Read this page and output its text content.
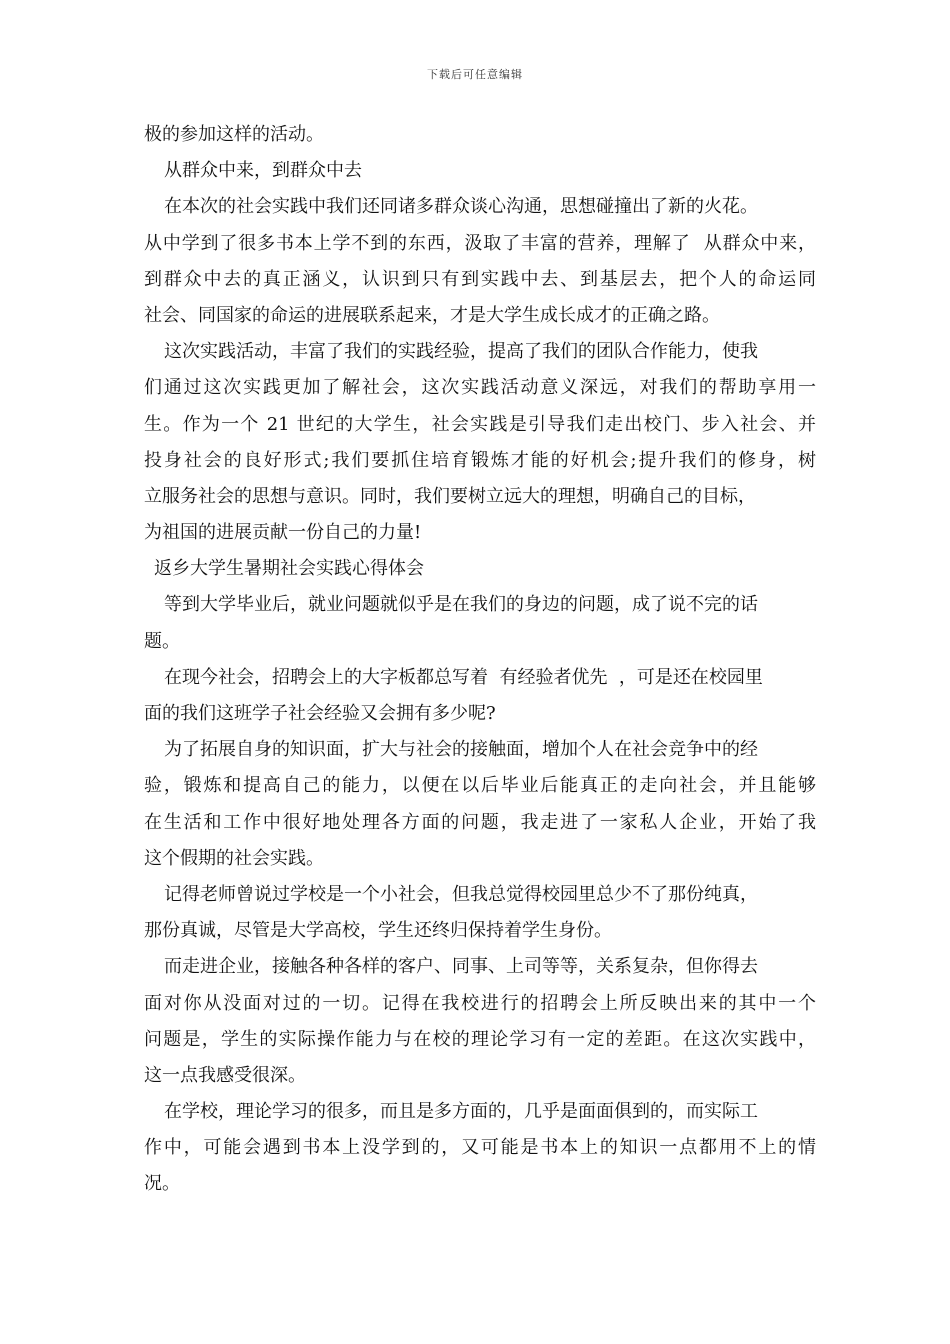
下载后可任意编辑
极的参加这样的活动。
从群众中来，到群众中去
在本次的社会实践中我们还同诸多群众谈心沟通，思想碰撞出了新的火花。
从中学到了很多书本上学不到的东西，汲取了丰富的营养，理解了  从群众中来，
到群众中去的真正涵义，认识到只有到实践中去、到基层去，把个人的命运同
社会、同国家的命运的进展联系起来，才是大学生成长成才的正确之路。
这次实践活动，丰富了我们的实践经验，提高了我们的团队合作能力，使我
们通过这次实践更加了解社会，这次实践活动意义深远，对我们的帮助享用一
生。作为一个 21 世纪的大学生，社会实践是引导我们走出校门、步入社会、并
投身社会的良好形式;我们要抓住培育锻炼才能的好机会;提升我们的修身，树
立服务社会的思想与意识。同时，我们要树立远大的理想，明确自己的目标，
为祖国的进展贡献一份自己的力量!
返乡大学生暑期社会实践心得体会
等到大学毕业后，就业问题就似乎是在我们的身边的问题，成了说不完的话
题。
在现今社会，招聘会上的大字板都总写着  有经验者优先  ，可是还在校园里
面的我们这班学子社会经验又会拥有多少呢?
为了拓展自身的知识面，扩大与社会的接触面，增加个人在社会竞争中的经
验，锻炼和提高自己的能力，以便在以后毕业后能真正的走向社会，并且能够
在生活和工作中很好地处理各方面的问题，我走进了一家私人企业，开始了我
这个假期的社会实践。
记得老师曾说过学校是一个小社会，但我总觉得校园里总少不了那份纯真，
那份真诚，尽管是大学高校，学生还终归保持着学生身份。
而走进企业，接触各种各样的客户、同事、上司等等，关系复杂，但你得去
面对你从没面对过的一切。记得在我校进行的招聘会上所反映出来的其中一个
问题是，学生的实际操作能力与在校的理论学习有一定的差距。在这次实践中，
这一点我感受很深。
在学校，理论学习的很多，而且是多方面的，几乎是面面俱到的，而实际工
作中，可能会遇到书本上没学到的，又可能是书本上的知识一点都用不上的情
况。
